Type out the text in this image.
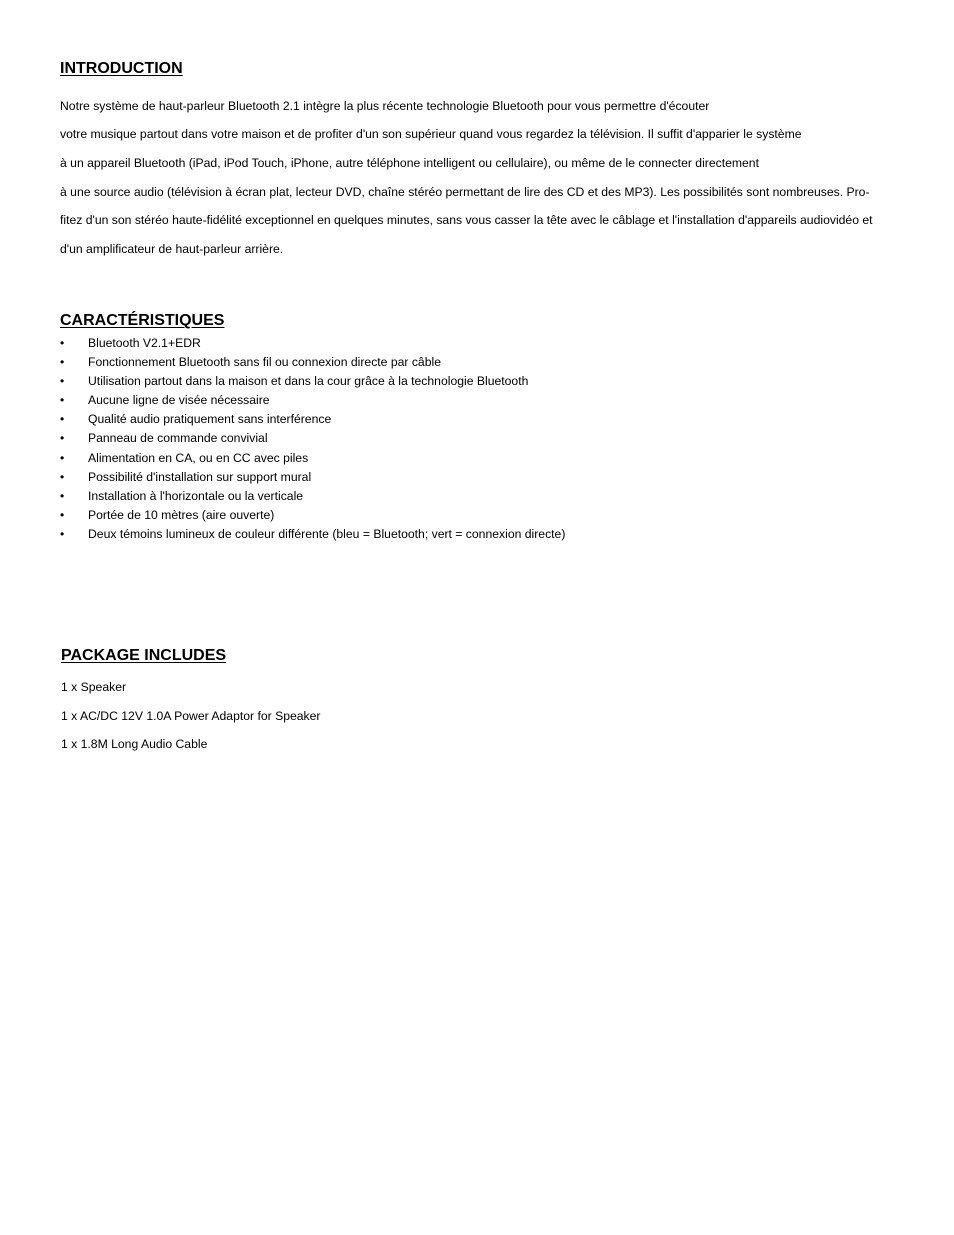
INTRODUCTION

Notre système de haut-parleur Bluetooth 2.1 intègre la plus récente technologie Bluetooth pour vous permettre d'écouter

votre musique partout dans votre maison et de profiter d'un son supérieur quand vous regardez la télévision. Il suffit d'apparier le système

à un appareil Bluetooth (iPad, iPod Touch, iPhone, autre téléphone intelligent ou cellulaire), ou même de le connecter directement

à une source audio (télévision à écran plat, lecteur DVD, chaîne stéréo permettant de lire des CD et des MP3). Les possibilités sont nombreuses. Pro-

fitez d'un son stéréo haute-fidélité exceptionnel en quelques minutes, sans vous casser la tête avec le câblage et l'installation d'appareils audiovidéo et

d'un amplificateur de haut-parleur arrière.

CARACTÉRISTIQUES
• Bluetooth V2.1+EDR
• Fonctionnement Bluetooth sans fil ou connexion directe par câble
• Utilisation partout dans la maison et dans la cour grâce à la technologie Bluetooth
• Aucune ligne de visée nécessaire
• Qualité audio pratiquement sans interférence
• Panneau de commande convivial
• Alimentation en CA, ou en CC avec piles
• Possibilité d'installation sur support mural
• Installation à l'horizontale ou la verticale
• Portée de 10 mètres (aire ouverte)
• Deux témoins lumineux de couleur différente (bleu = Bluetooth; vert = connexion directe)
PACKAGE INCLUDES

1 x Speaker

1 x AC/DC 12V 1.0A Power Adaptor for Speaker

1 x 1.8M Long Audio Cable
